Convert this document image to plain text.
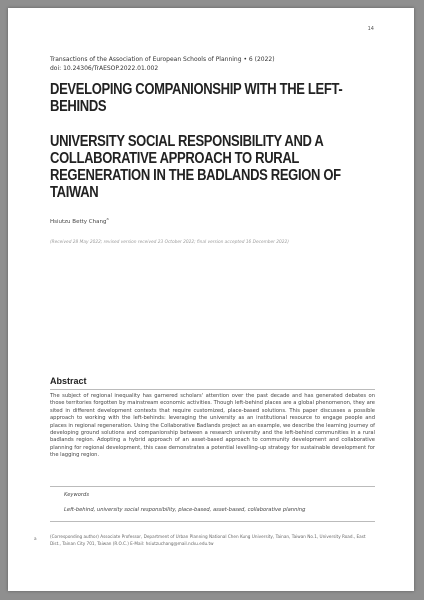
14
Transactions of the Association of European Schools of Planning • 6 (2022)
doi: 10.24306/TrAESOP.2022.01.002
DEVELOPING COMPANIONSHIP WITH THE LEFT-BEHINDS
UNIVERSITY SOCIAL RESPONSIBILITY AND A COLLABORATIVE APPROACH TO RURAL REGENERATION IN THE BADLANDS REGION OF TAIWAN
Hsiutzu Betty Chang$^a$
(Received 28 May 2022; revised version received 23 October 2022; final version accepted 16 December 2022)
Abstract

The subject of regional inequality has garnered scholars' attention over the past decade and has generated debates on those territories forgotten by mainstream economic activities. Though left-behind places are a global phenomenon, they are sited in different development contexts that require customized, place-based solutions. This paper discusses a possible approach to working with the left-behinds: leveraging the university as an institutional resource to engage people and places in regional regeneration. Using the Collaborative Badlands project as an example, we describe the learning journey of developing ground solutions and companionship between a research university and the left-behind communities in a rural badlands region. Adopting a hybrid approach of an asset-based approach to community development and collaborative planning for regional development, this case demonstrates a potential levelling-up strategy for sustainable development for the lagging region.

Keywords
Left-behind, university social responsibility, place-based, asset-based, collaborative planning
a	(Corresponding author) Associate Professor, Department of Urban Planning National Chen Kung University, Tainan, Taiwan No.1, University Road., East Dist., Tainan City 701, Taiwan (R.O.C.) E-Mail: hsiutzuchang@mail.ncku.edu.tw
